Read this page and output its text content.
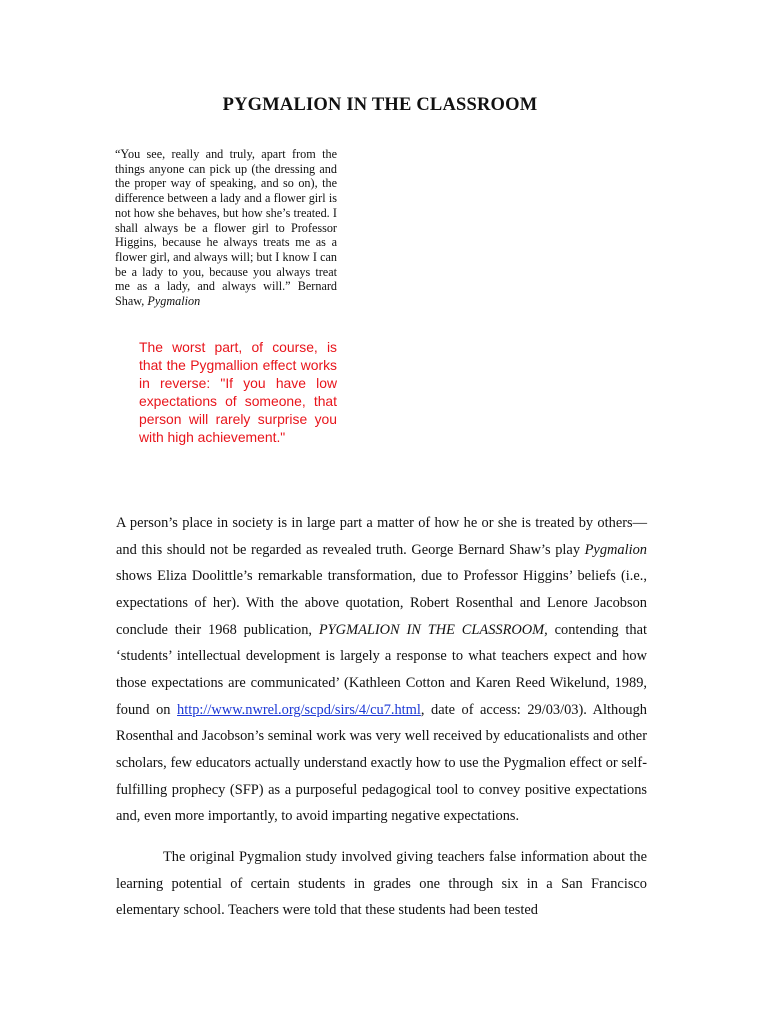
PYGMALION IN THE CLASSROOM
“You see, really and truly, apart from the things anyone can pick up (the dressing and the proper way of speaking, and so on), the difference between a lady and a flower girl is not how she behaves, but how she’s treated. I shall always be a flower girl to Professor Higgins, because he always treats me as a flower girl, and always will; but I know I can be a lady to you, because you always treat me as a lady, and always will.” Bernard Shaw, Pygmalion
The worst part, of course, is that the Pygmallion effect works in reverse: "If you have low expectations of someone, that person will rarely surprise you with high achievement."

A person’s place in society is in large part a matter of how he or she is treated by others—and this should not be regarded as revealed truth. George Bernard Shaw’s play Pygmalion shows Eliza Doolittle’s remarkable transformation, due to Professor Higgins’ beliefs (i.e., expectations of her). With the above quotation, Robert Rosenthal and Lenore Jacobson conclude their 1968 publication, PYGMALION IN THE CLASSROOM, contending that ‘students’ intellectual development is largely a response to what teachers expect and how those expectations are communicated’ (Kathleen Cotton and Karen Reed Wikelund, 1989, found on http://www.nwrel.org/scpd/sirs/4/cu7.html, date of access: 29/03/03). Although Rosenthal and Jacobson’s seminal work was very well received by educationalists and other scholars, few educators actually understand exactly how to use the Pygmalion effect or self-fulfilling prophecy (SFP) as a purposeful pedagogical tool to convey positive expectations and, even more importantly, to avoid imparting negative expectations.

The original Pygmalion study involved giving teachers false information about the learning potential of certain students in grades one through six in a San Francisco elementary school. Teachers were told that these students had been tested
